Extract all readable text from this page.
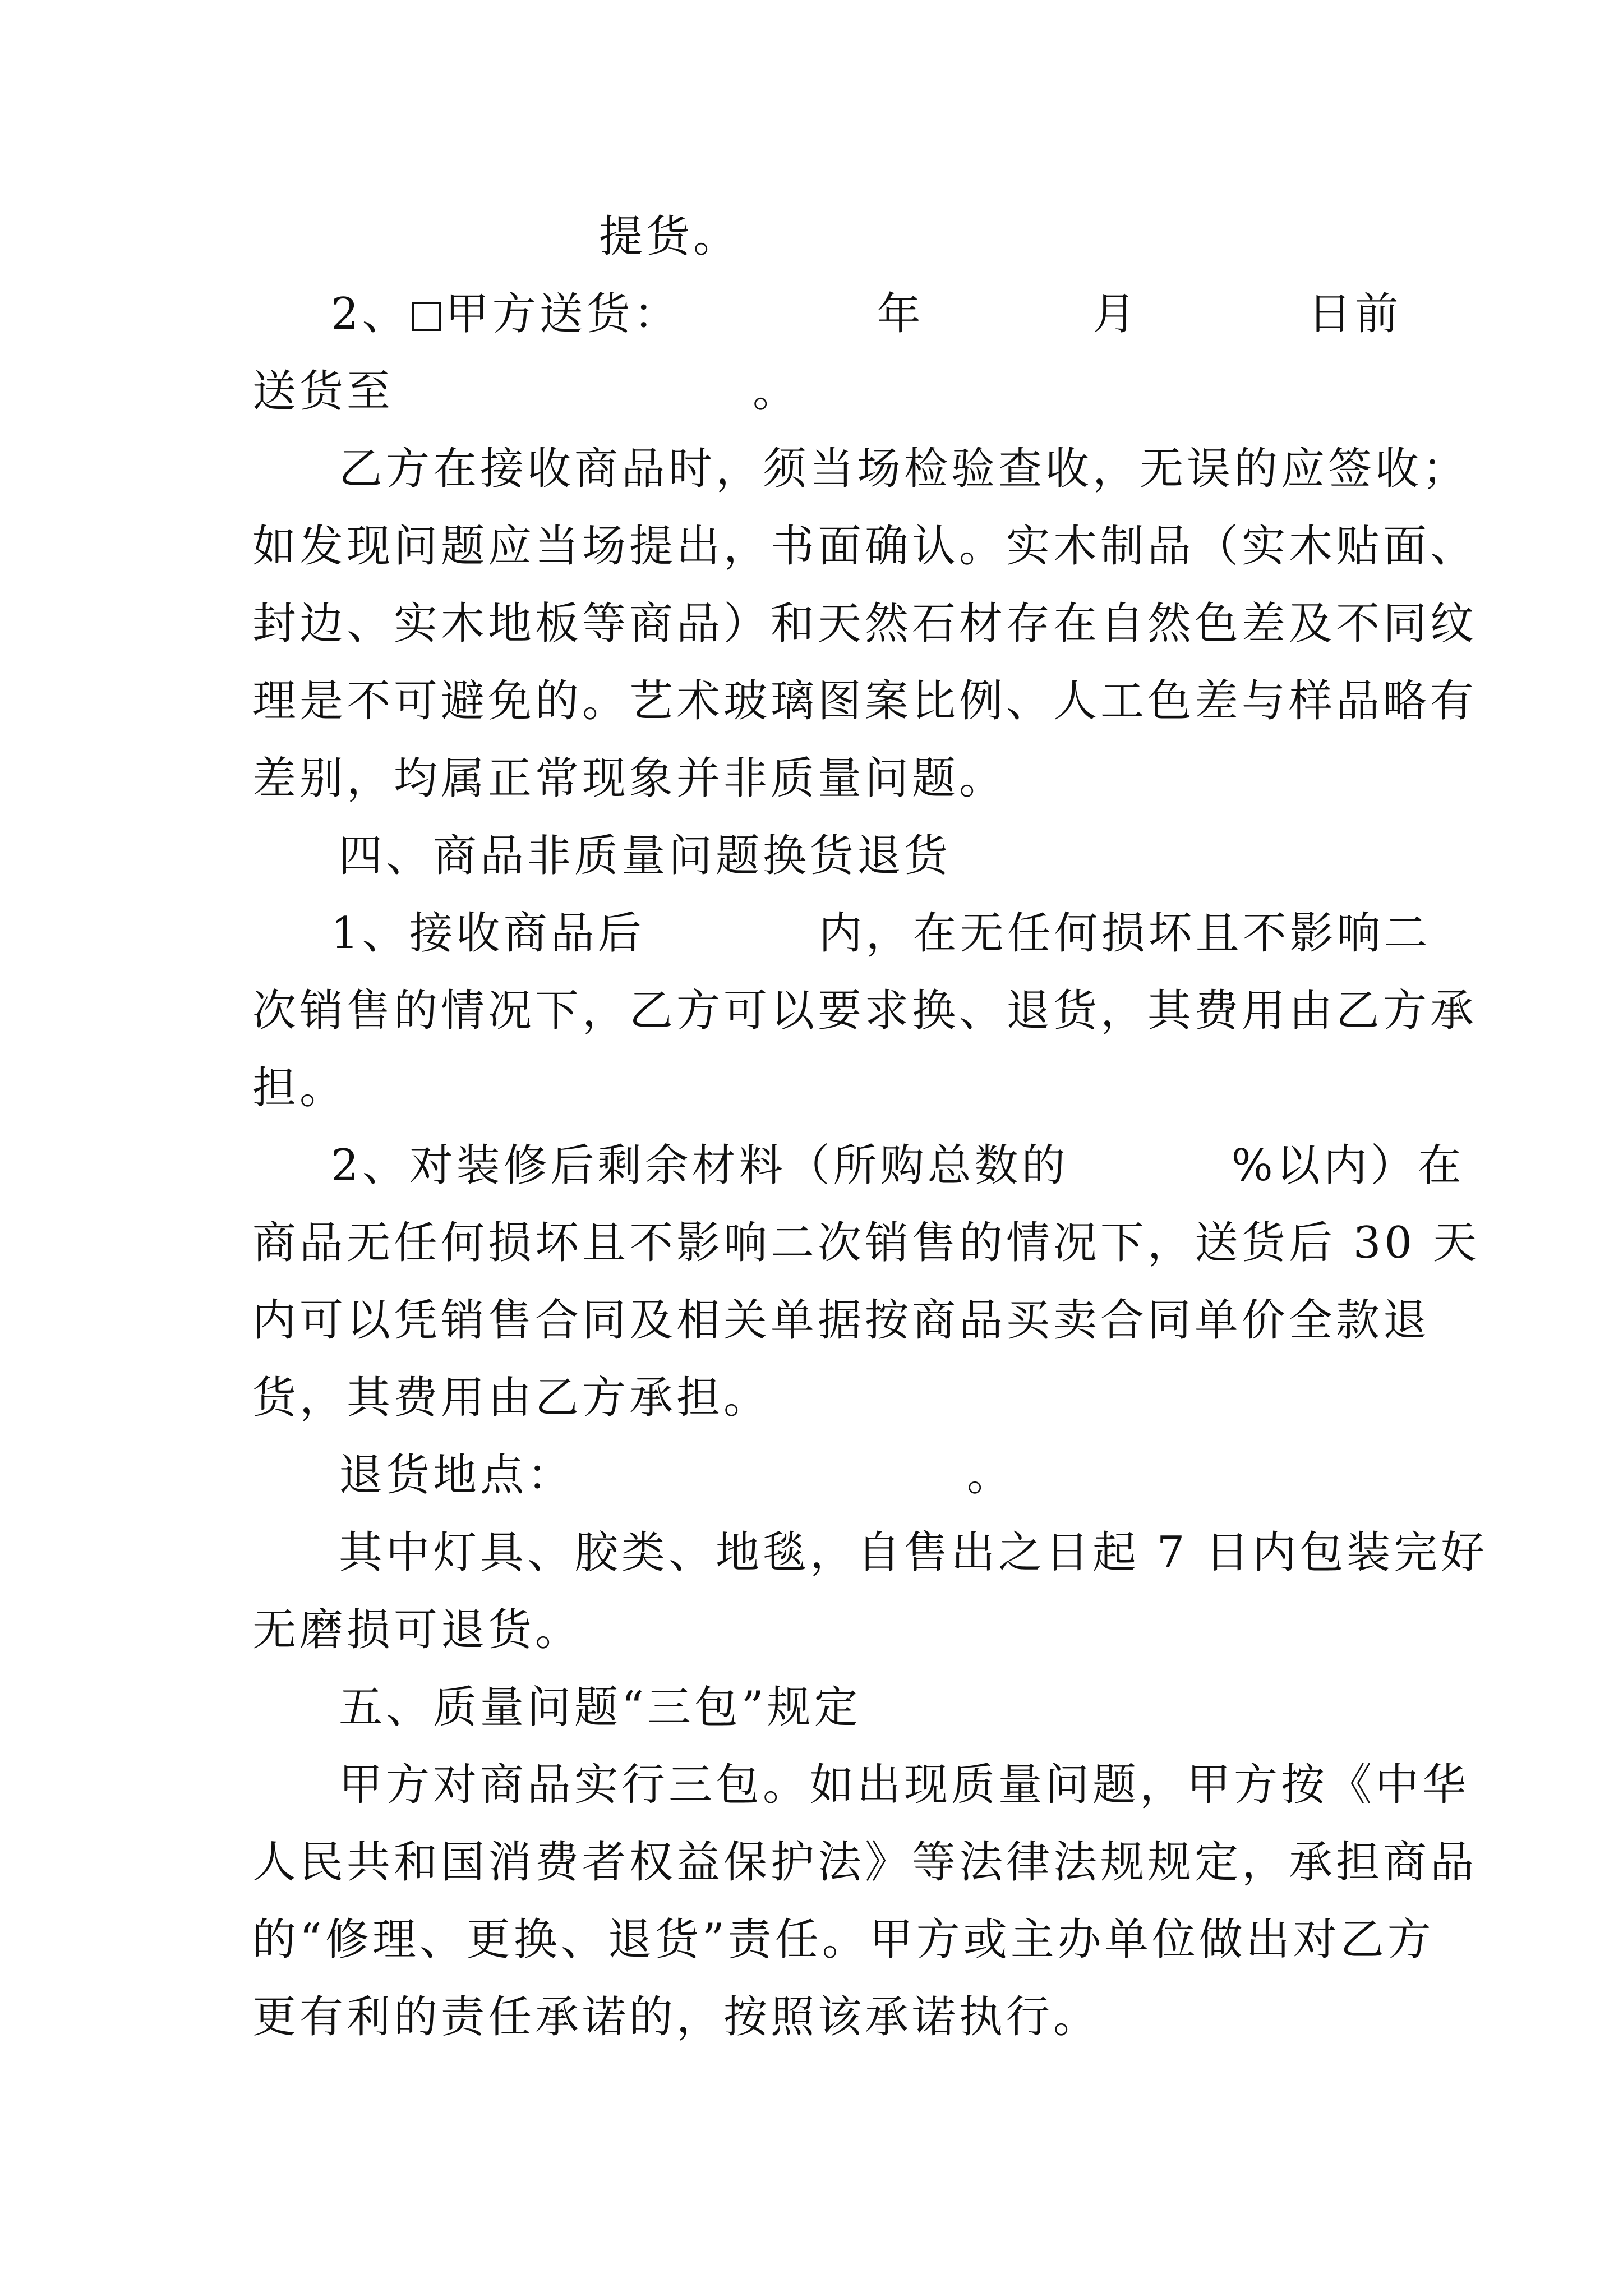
提货。
2、 甲方送货：	年	月	日前
送货至	。
乙方在接收商品时，须当场检验查收，无误的应签收；
如发现问题应当场提出，书面确认。实木制品（实木贴面、
封边、实木地板等商品）和天然石材存在自然色差及不同纹
理是不可避免的。艺术玻璃图案比例、人工色差与样品略有
差别，均属正常现象并非质量问题。
四、商品非质量问题换货退货
1、接收商品后	内，在无任何损坏且不影响二
次销售的情况下，乙方可以要求换、退货，其费用由乙方承
担。
2、对装修后剩余材料（所购总数的	%以内）在
商品无任何损坏且不影响二次销售的情况下，送货后 30 天
内可以凭销售合同及相关单据按商品买卖合同单价全款退
货，其费用由乙方承担。
退货地点：	。
其中灯具、胶类、地毯，自售出之日起 7 日内包装完好
无磨损可退货。
五、质量问题“三包”规定
甲方对商品实行三包。如出现质量问题，甲方按《中华
人民共和国消费者权益保护法》等法律法规规定，承担商品
的“修理、更换、退货”责任。甲方或主办单位做出对乙方
更有利的责任承诺的，按照该承诺执行。
